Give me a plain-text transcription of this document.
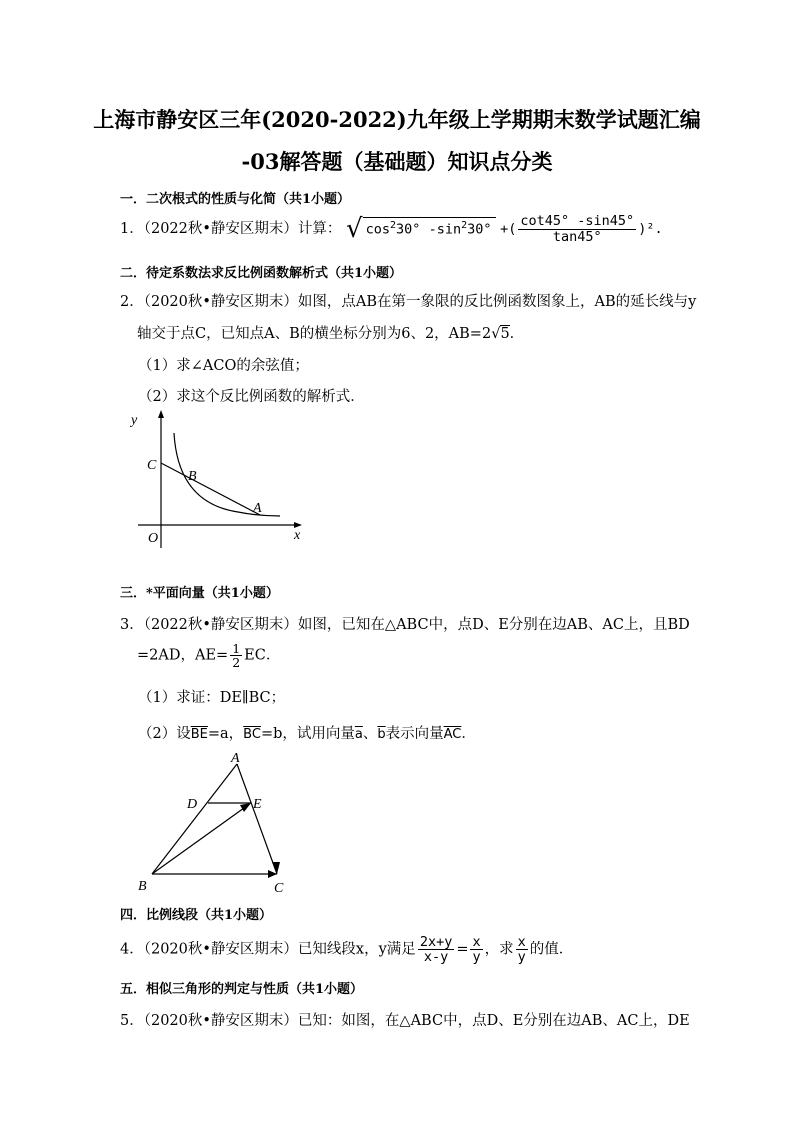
上海市静安区三年(2020-2022)九年级上学期期末数学试题汇编
-03解答题（基础题）知识点分类
一．二次根式的性质与化简（共1小题）
1．（2022秋•静安区期末）计算： √ $\cos^230^\circ$ $-\sin^230^\circ$ +( $\frac{\cot 45^\circ -\sin 45^\circ}{\tan 45^\circ} )^2$.
二．待定系数法求反比例函数解析式（共1小题）
2．（2020秋•静安区期末）如图，点AB在第一象限的反比例函数图象上，AB的延长线与y
轴交于点C，已知点A、B的横坐标分别为6、2，AB=2√5．
（1）求∠ACO的余弦值；
（2）求这个反比例函数的解析式．
y
x
O
C
B
A
三．*平面向量（共1小题）
3．（2022秋•静安区期末）如图，已知在△ABC中，点D、E分别在边AB、AC上，且BD
=2AD，$AE= \frac{1}{2}$ EC．
（1）求证：DE∥BC；
（2）设$\overline{BE}=a$，$\overline{BC}=b$，试用向量$\overline{a}$、$\overline{b}$表示向量$\overline{AC}$．
A
D	E
B	C
四．比例线段（共1小题）
4．（2020秋•静安区期末）已知线段x，y满足 $\frac{2x+y}{x-y} = \frac{x}{y}$ ，求 $\frac{x}{y}$ 的值．
五．相似三角形的判定与性质（共1小题）
5．（2020秋•静安区期末）已知：如图，在△ABC中，点D、E分别在边AB、AC上，DE
